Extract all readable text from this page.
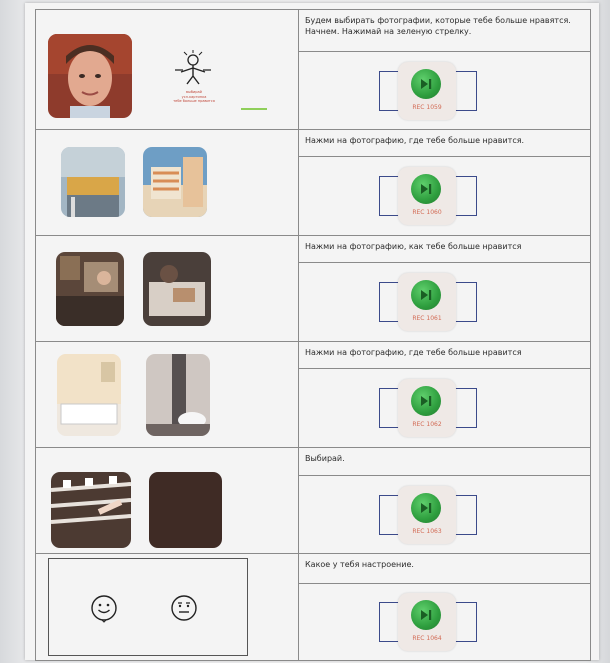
выбирай
усл.картинка
тебе больше нравится
Будем выбирать фотографии, которые тебе больше нравятся. Начнем. Нажимай на зеленую стрелку.
REC 1059
Нажми на фотографию, где тебе больше нравится.
REC 1060
Нажми на фотографию, как тебе больше нравится
REC 1061
Нажми на фотографию, где тебе больше нравится
REC 1062
Выбирай.
REC 1063
Какое у тебя настроение.
REC 1064
